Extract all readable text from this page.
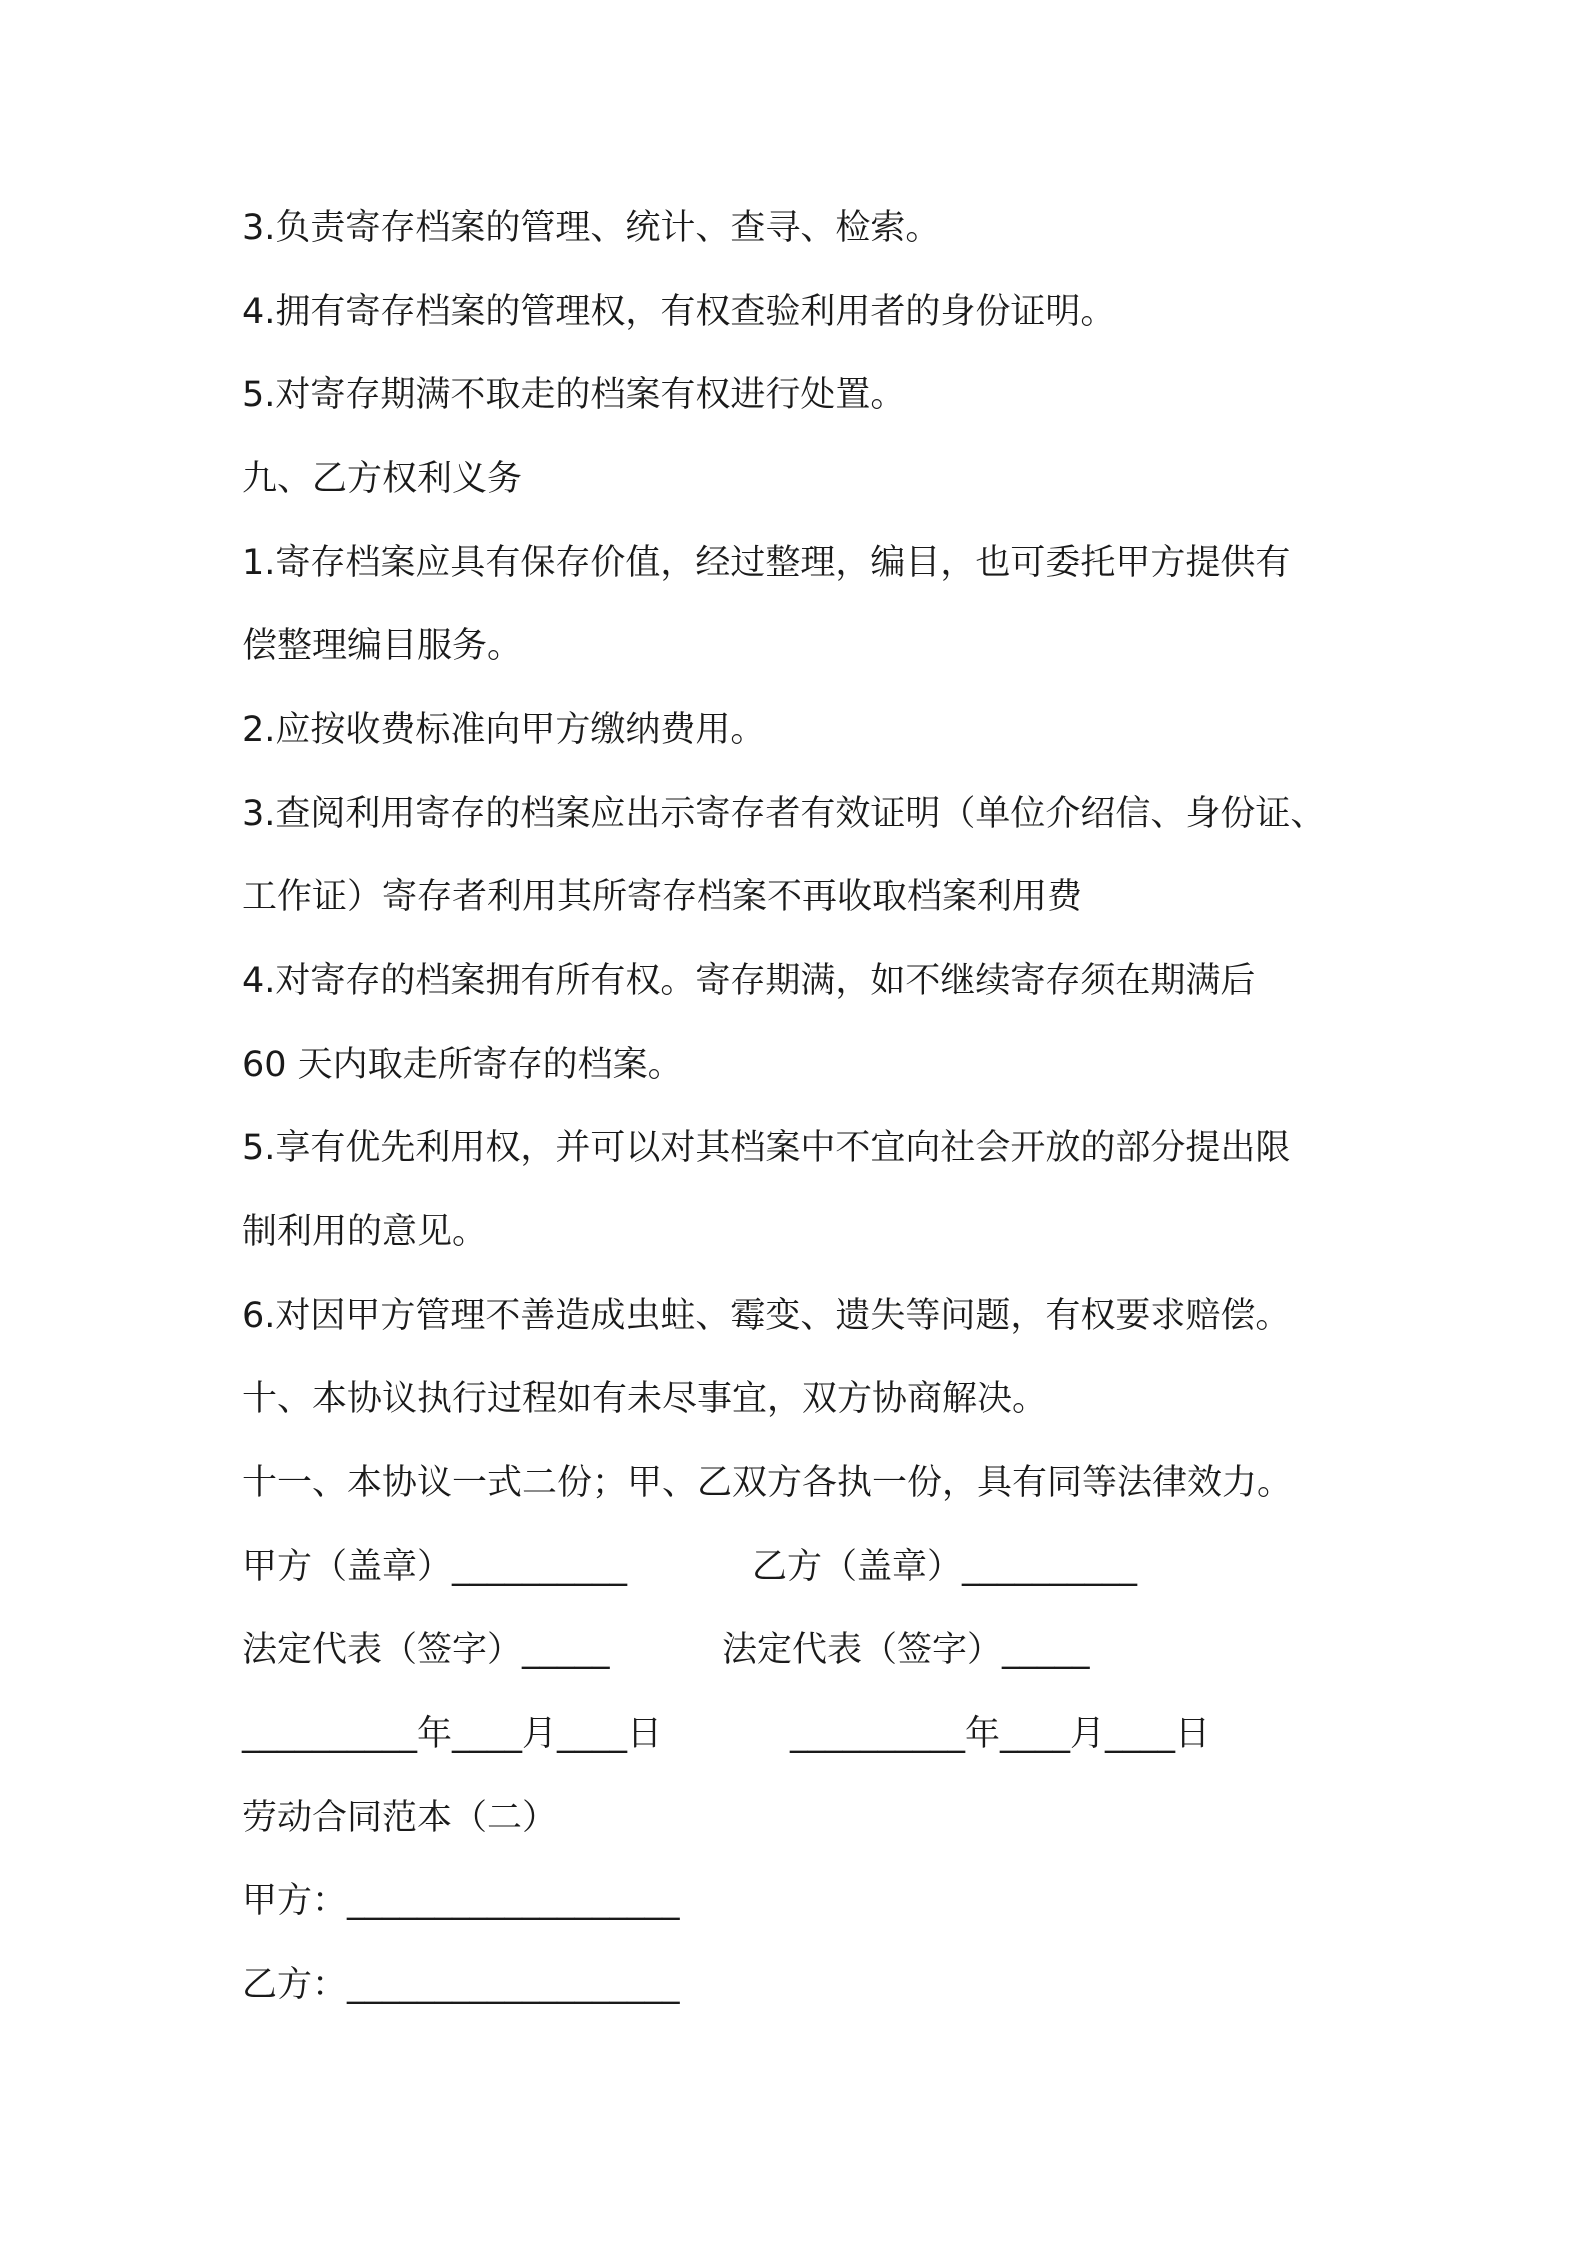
3.负责寄存档案的管理、统计、查寻、检索。
4.拥有寄存档案的管理权，有权查验利用者的身份证明。
5.对寄存期满不取走的档案有权进行处置。
九、乙方权利义务
1.寄存档案应具有保存价值，经过整理，编目，也可委托甲方提供有
偿整理编目服务。
2.应按收费标准向甲方缴纳费用。
3.查阅利用寄存的档案应出示寄存者有效证明（单位介绍信、身份证、
工作证）寄存者利用其所寄存档案不再收取档案利用费
4.对寄存的档案拥有所有权。寄存期满，如不继续寄存须在期满后
60 天内取走所寄存的档案。
5.享有优先利用权，并可以对其档案中不宜向社会开放的部分提出限
制利用的意见。
6.对因甲方管理不善造成虫蛀、霉变、遗失等问题，有权要求赔偿。
十、本协议执行过程如有未尽事宜，双方协商解决。
十一、本协议一式二份；甲、乙双方各执一份，具有同等法律效力。
甲方（盖章）__________	乙方（盖章）__________
法定代表（签字）_____	法定代表（签字）_____
__________年____月____日	__________年____月____日
劳动合同范本（二）
甲方：___________________
乙方：___________________
